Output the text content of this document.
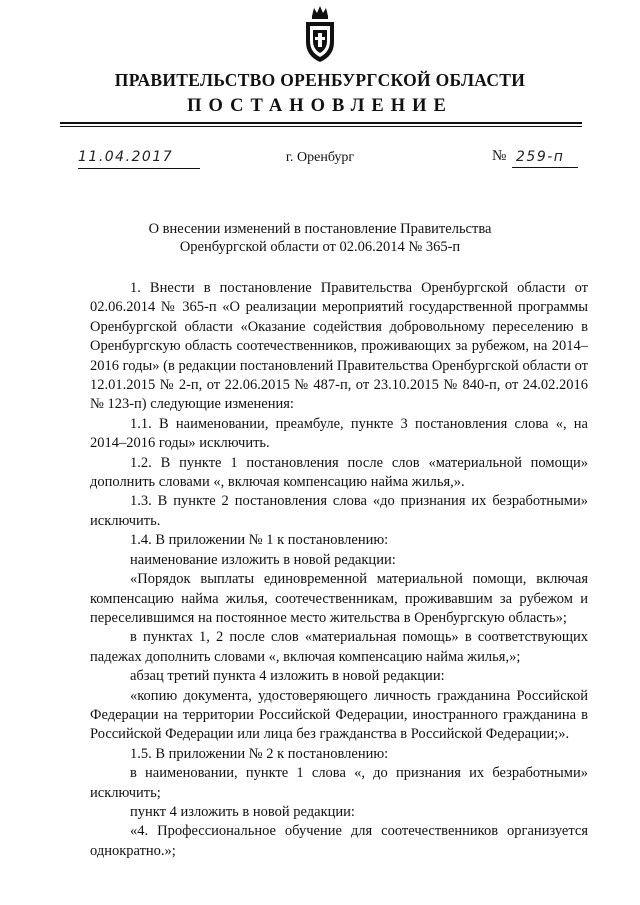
ПРАВИТЕЛЬСТВО ОРЕНБУРГСКОЙ ОБЛАСТИ
ПОСТАНОВЛЕНИЕ
11.04.2017	г. Оренбург	№ 259-п
О внесении изменений в постановление Правительства
Оренбургской области от 02.06.2014 № 365-п

1. Внести в постановление Правительства Оренбургской области от 02.06.2014 № 365-п «О реализации мероприятий государственной программы Оренбургской области «Оказание содействия добровольному переселению в Оренбургскую область соотечественников, проживающих за рубежом, на 2014–2016 годы» (в редакции постановлений Правительства Оренбургской области от 12.01.2015 № 2-п, от 22.06.2015 № 487-п, от 23.10.2015 № 840-п, от 24.02.2016 № 123-п) следующие изменения:

1.1. В наименовании, преамбуле, пункте 3 постановления слова «, на 2014–2016 годы» исключить.

1.2. В пункте 1 постановления после слов «материальной помощи» дополнить словами «, включая компенсацию найма жилья,».

1.3. В пункте 2 постановления слова «до признания их безработными» исключить.

1.4. В приложении № 1 к постановлению:

наименование изложить в новой редакции:

«Порядок выплаты единовременной материальной помощи, включая компенсацию найма жилья, соотечественникам, проживавшим за рубежом и переселившимся на постоянное место жительства в Оренбургскую область»;

в пунктах 1, 2 после слов «материальная помощь» в соответствующих падежах дополнить словами «, включая компенсацию найма жилья,»;

абзац третий пункта 4 изложить в новой редакции:

«копию документа, удостоверяющего личность гражданина Российской Федерации на территории Российской Федерации, иностранного гражданина в Российской Федерации или лица без гражданства в Российской Федерации;».

1.5. В приложении № 2 к постановлению:

в наименовании, пункте 1 слова «, до признания их безработными» исключить;

пункт 4 изложить в новой редакции:

«4. Профессиональное обучение для соотечественников организуется однократно.»;
